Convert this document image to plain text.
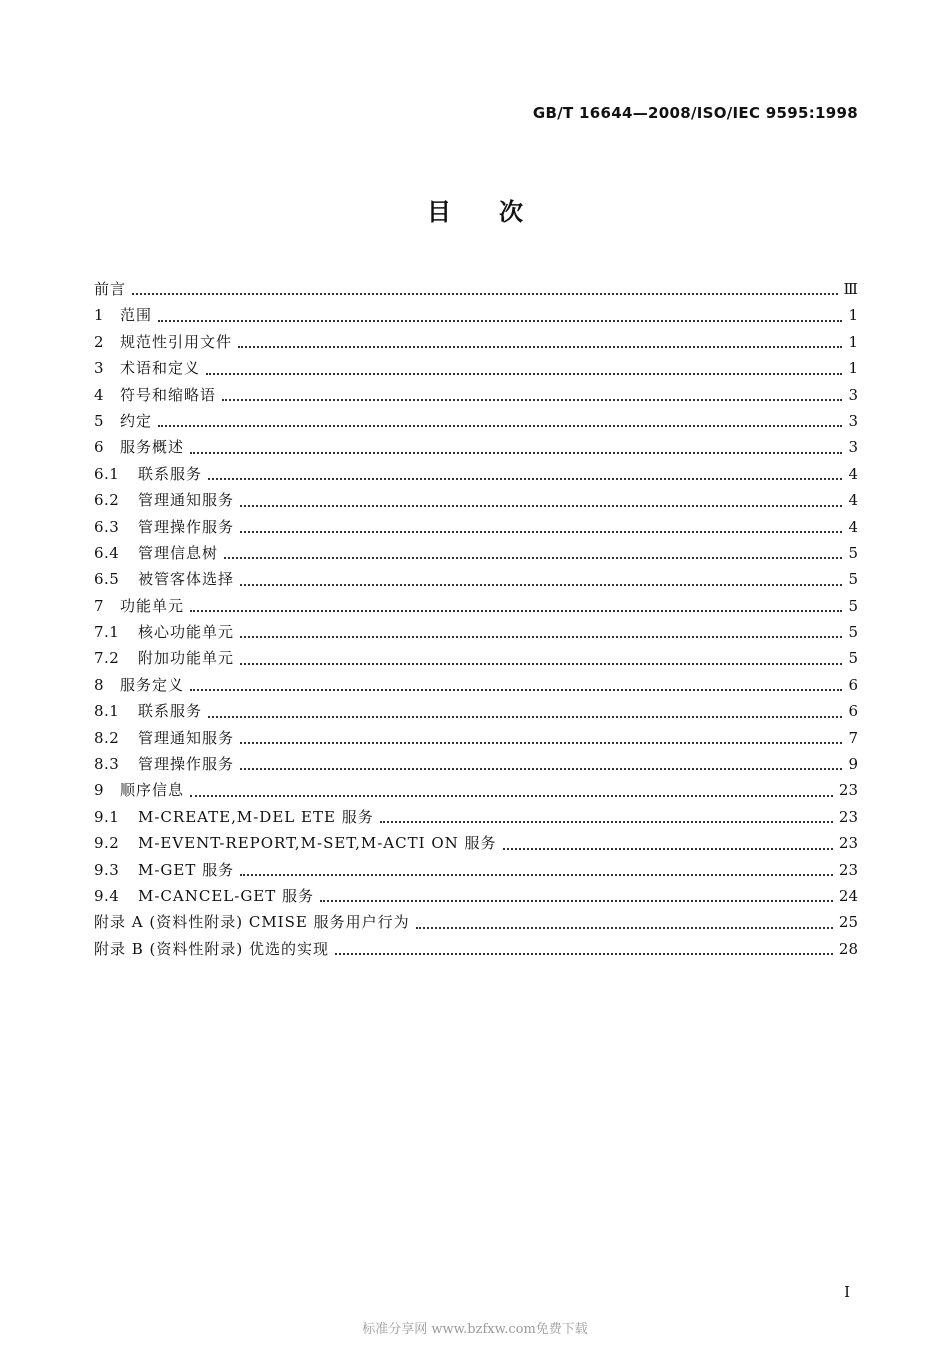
GB/T 16644—2008/ISO/IEC 9595:1998
目次
前言	Ⅲ
1	范围	1
2	规范性引用文件	1
3	术语和定义	1
4	符号和缩略语	3
5	约定	3
6	服务概述	3
6.1	联系服务	4
6.2	管理通知服务	4
6.3	管理操作服务	4
6.4	管理信息树	5
6.5	被管客体选择	5
7	功能单元	5
7.1	核心功能单元	5
7.2	附加功能单元	5
8	服务定义	6
8.1	联系服务	6
8.2	管理通知服务	7
8.3	管理操作服务	9
9	顺序信息	23
9.1	M-CREATE,M-DEL ETE 服务	23
9.2	M-EVENT-REPORT,M-SET,M-ACTI ON 服务	23
9.3	M-GET 服务	23
9.4	M-CANCEL-GET 服务	24
附录 A (资料性附录) CMISE 服务用户行为	25
附录 B (资料性附录) 优选的实现	28
I
标准分享网 www.bzfxw.com免费下载
